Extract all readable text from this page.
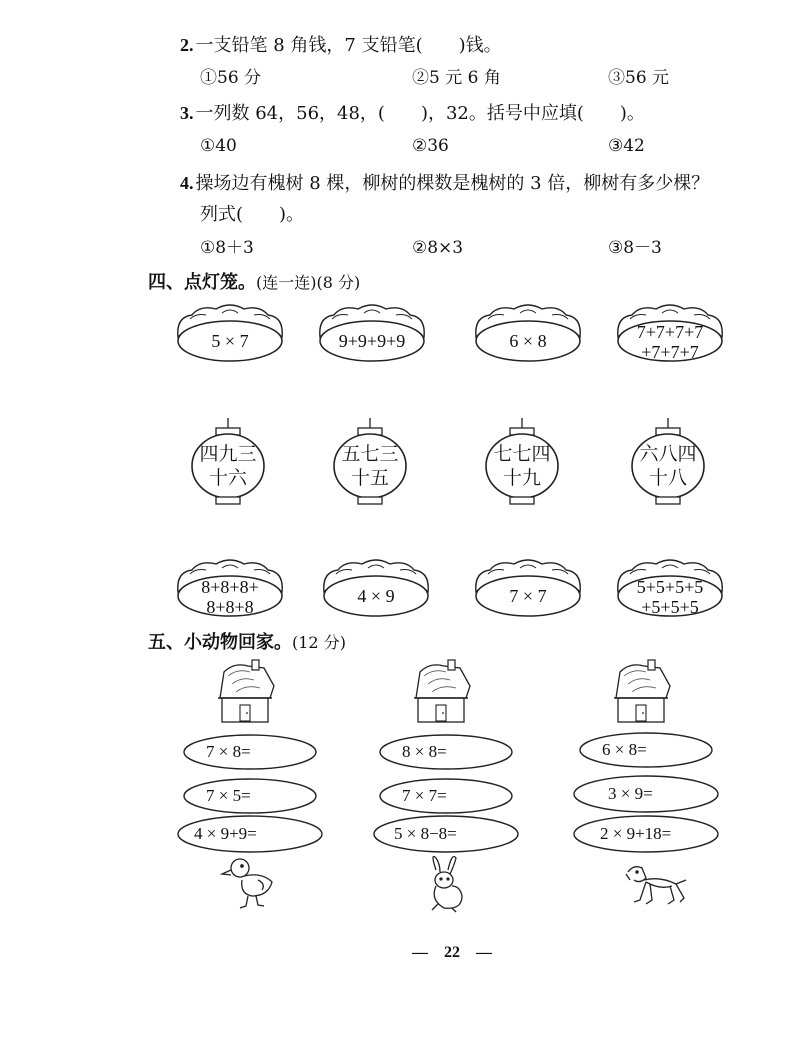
2. 一支铅笔 8 角钱，7 支铅笔(　　)钱。
①56 分	②5 元 6 角	③56 元
3. 一列数 64，56，48，(　　)，32。括号中应填(　　)。
①40	②36	③42
4. 操场边有槐树 8 棵，柳树的棵数是槐树的 3 倍，柳树有多少棵？
列式(　　)。
①8＋3	②8×3	③8－3
四、点灯笼。(连一连)(8 分)
5 × 7	9+9+9+9	6 × 8	7+7+7+7
+7+7+7
四九三
十六
五七三
十五
七七四
十九
六八四
十八
8+8+8+
8+8+8
4 × 9	7 × 7	5+5+5+5
+5+5+5
五、小动物回家。(12 分)
7 × 8=
7 × 5=
4 × 9+9=
8 × 8=
7 × 7=
5 × 8−8=
6 × 8=
3 × 9=
2 × 9+18=
— 22 —
